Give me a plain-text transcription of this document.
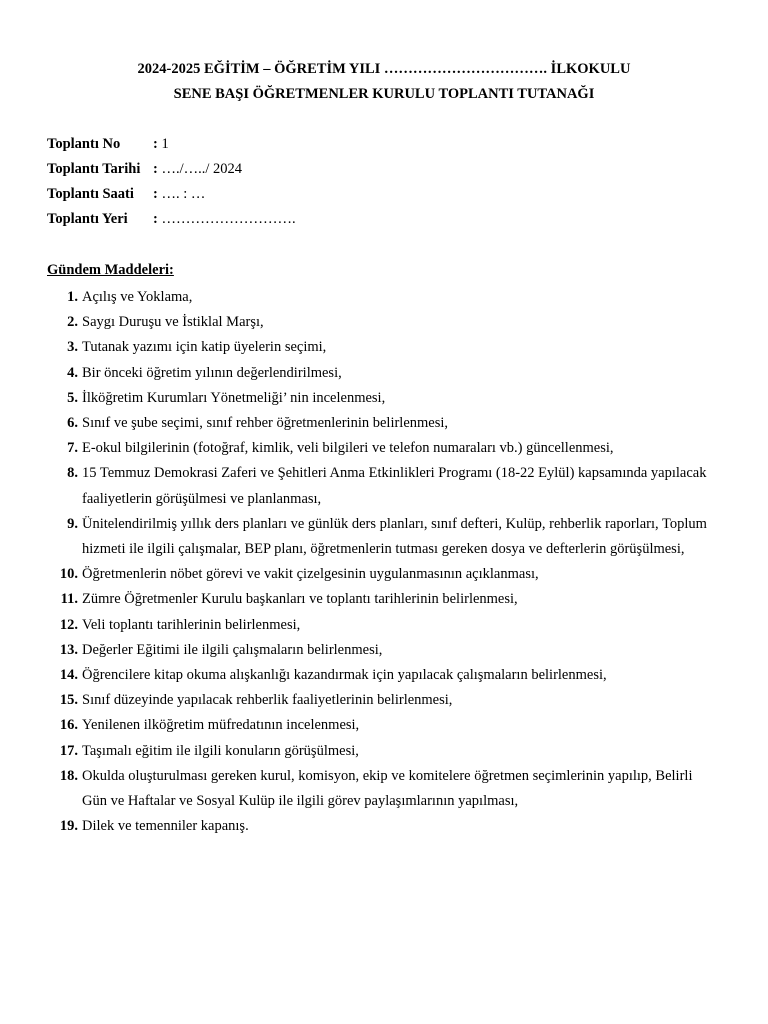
2024-2025 EĞİTİM – ÖĞRETİM YILI ……………………………. İLKOKULU
SENE BAŞI ÖĞRETMENLER KURULU TOPLANTI TUTANAĞI
Toplantı No : 1
Toplantı Tarihi : …./…../ 2024
Toplantı Saati : …. : …
Toplantı Yeri : ……………………….
Gündem Maddeleri:
1. Açılış ve Yoklama,
2. Saygı Duruşu ve İstiklal Marşı,
3. Tutanak yazımı için katip üyelerin seçimi,
4. Bir önceki öğretim yılının değerlendirilmesi,
5. İlköğretim Kurumları Yönetmeliği’ nin incelenmesi,
6. Sınıf ve şube seçimi, sınıf rehber öğretmenlerinin belirlenmesi,
7. E-okul bilgilerinin (fotoğraf, kimlik, veli bilgileri ve telefon numaraları vb.) güncellenmesi,
8. 15 Temmuz Demokrasi Zaferi ve Şehitleri Anma Etkinlikleri Programı (18-22 Eylül) kapsamında yapılacak faaliyetlerin görüşülmesi ve planlanması,
9. Ünitelendirilmiş yıllık ders planları ve günlük ders planları, sınıf defteri, Kulüp, rehberlik raporları, Toplum hizmeti ile ilgili çalışmalar, BEP planı, öğretmenlerin tutması gereken dosya ve defterlerin görüşülmesi,
10. Öğretmenlerin nöbet görevi ve vakit çizelgesinin uygulanmasının açıklanması,
11. Zümre Öğretmenler Kurulu başkanları ve toplantı tarihlerinin belirlenmesi,
12. Veli toplantı tarihlerinin belirlenmesi,
13. Değerler Eğitimi ile ilgili çalışmaların belirlenmesi,
14. Öğrencilere kitap okuma alışkanlığı kazandırmak için yapılacak çalışmaların belirlenmesi,
15. Sınıf düzeyinde yapılacak rehberlik faaliyetlerinin belirlenmesi,
16. Yenilenen ilköğretim müfredatının incelenmesi,
17. Taşımalı eğitim ile ilgili konuların görüşülmesi,
18. Okulda oluşturulması gereken kurul, komisyon, ekip ve komitelere öğretmen seçimlerinin yapılıp, Belirli Gün ve Haftalar ve Sosyal Kulüp ile ilgili görev paylaşımlarının yapılması,
19. Dilek ve temenniler kapanış.
